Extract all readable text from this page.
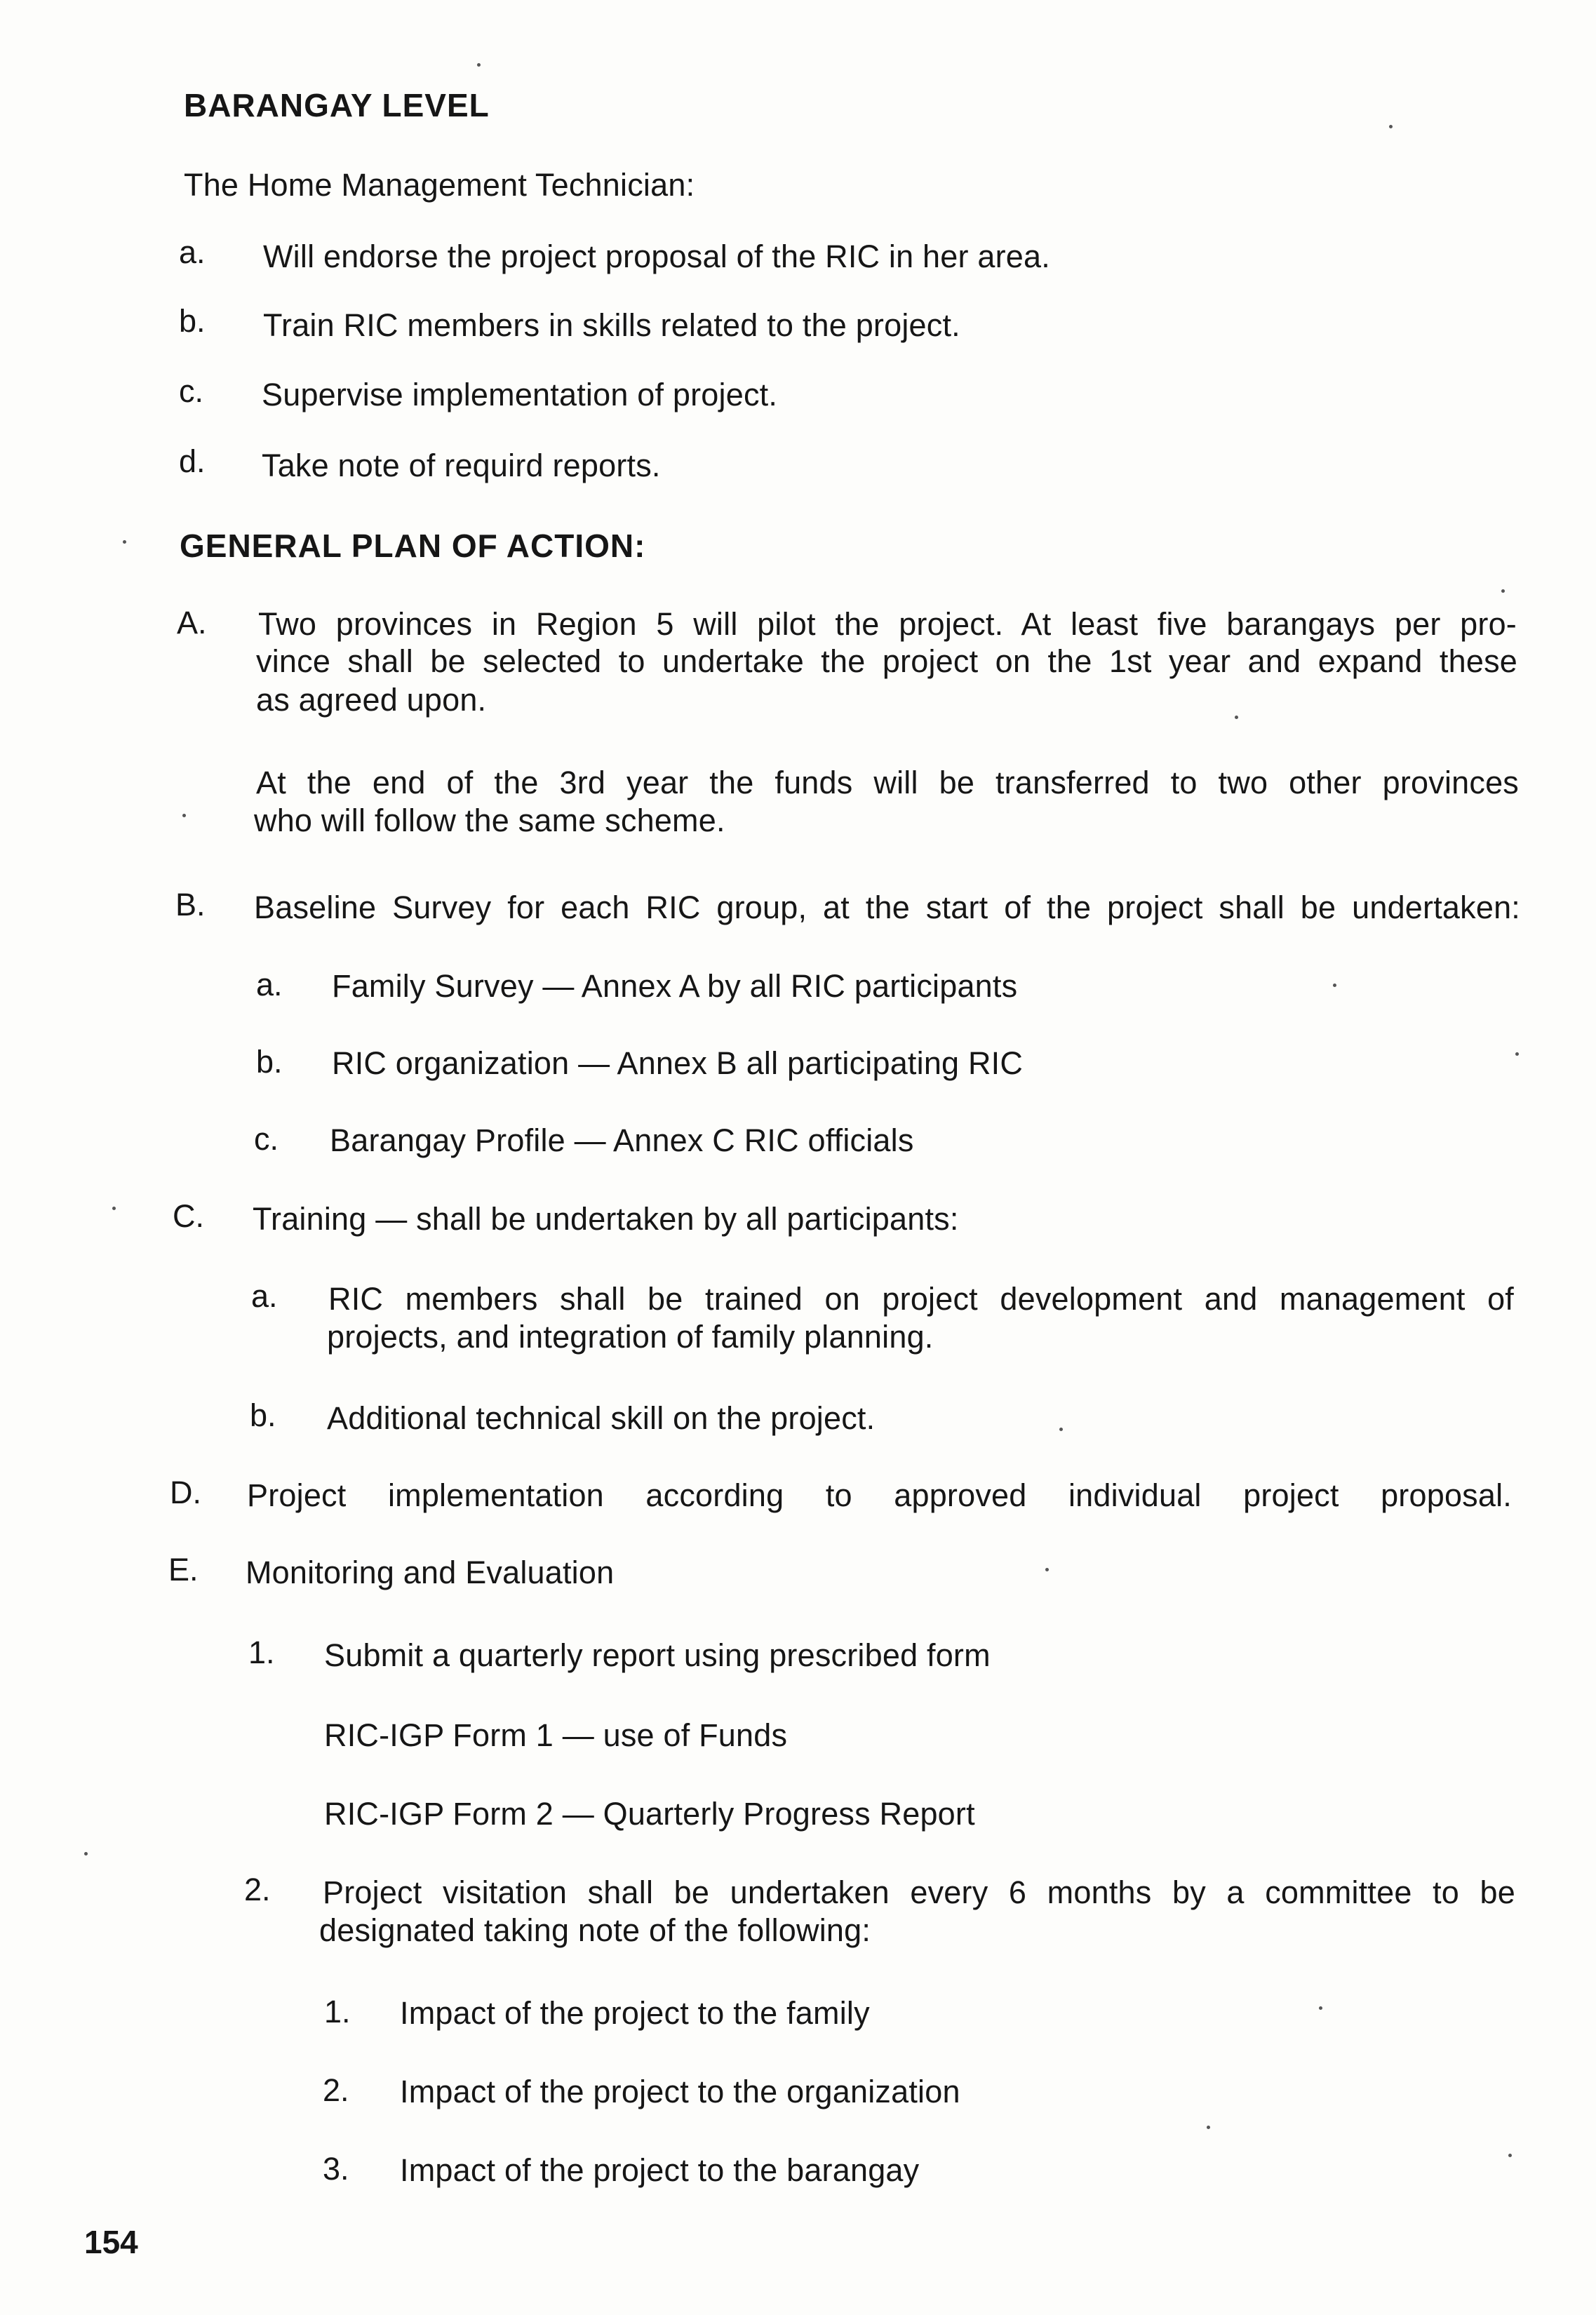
BARANGAY LEVEL
The Home Management Technician:
a. Will endorse the project proposal of the RIC in her area.
b. Train RIC members in skills related to the project.
c. Supervise implementation of project.
d. Take note of requird reports.
GENERAL PLAN OF ACTION:
A. Two provinces in Region 5 will pilot the project. At least five barangays per pro-
vince shall be selected to undertake the project on the 1st year and expand these
as agreed upon.
At the end of the 3rd year the funds will be transferred to two other provinces
who will follow the same scheme.
B. Baseline Survey for each RIC group, at the start of the project shall be undertaken:
a. Family Survey — Annex A by all RIC participants
b. RIC organization — Annex B all participating RIC
c. Barangay Profile — Annex C RIC officials
C. Training — shall be undertaken by all participants:
a. RIC members shall be trained on project development and management of
projects, and integration of family planning.
b. Additional technical skill on the project.
D. Project implementation according to approved individual project proposal.
E. Monitoring and Evaluation
1. Submit a quarterly report using prescribed form
RIC-IGP Form 1 — use of Funds
RIC-IGP Form 2 — Quarterly Progress Report
2. Project visitation shall be undertaken every 6 months by a committee to be
designated taking note of the following:
1. Impact of the project to the family
2. Impact of the project to the organization
3. Impact of the project to the barangay
154
